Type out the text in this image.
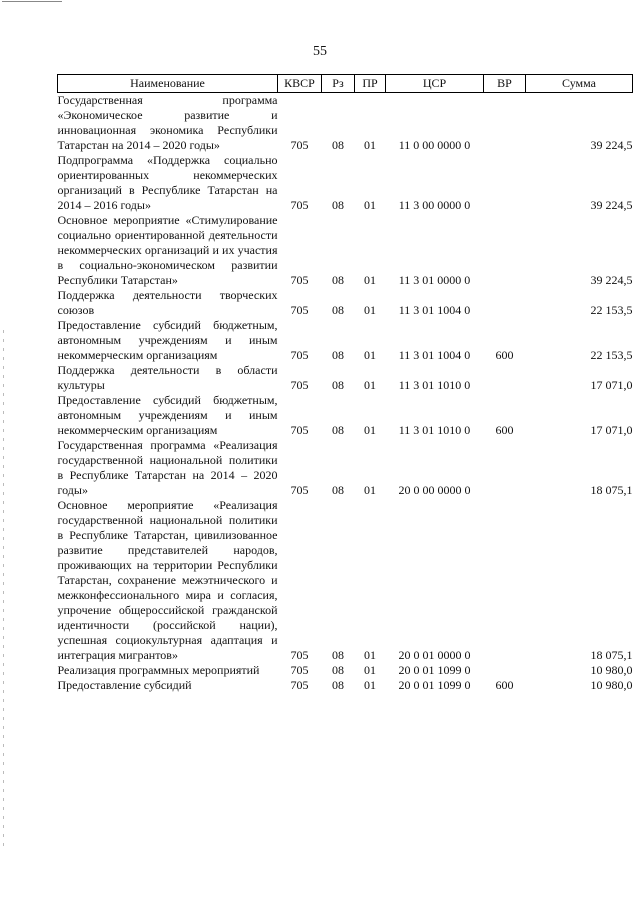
55
Наименование	КВСР	Рз	ПР	ЦСР	ВР	Сумма
Государственная программа «Экономическое развитие и инновационная экономика Республики Татарстан на 2014 – 2020 годы»	705	08	01	11 0 00 0000 0		39 224,5
Подпрограмма «Поддержка социально ориентированных некоммерческих организаций в Республике Татарстан на 2014 – 2016 годы»	705	08	01	11 3 00 0000 0		39 224,5
Основное мероприятие «Стимулирование социально ориентированной деятельности некоммерческих организаций и их участия в социально-экономическом развитии Республики Татарстан»	705	08	01	11 3 01 0000 0		39 224,5
Поддержка деятельности творческих союзов	705	08	01	11 3 01 1004 0		22 153,5
Предоставление субсидий бюджетным, автономным учреждениям и иным некоммерческим организациям	705	08	01	11 3 01 1004 0	600	22 153,5
Поддержка деятельности в области культуры	705	08	01	11 3 01 1010 0		17 071,0
Предоставление субсидий бюджетным, автономным учреждениям и иным некоммерческим организациям	705	08	01	11 3 01 1010 0	600	17 071,0
Государственная программа «Реализация государственной национальной политики в Республике Татарстан на 2014 – 2020 годы»	705	08	01	20 0 00 0000 0		18 075,1
Основное мероприятие «Реализация государственной национальной политики в Республике Татарстан, цивилизованное развитие представителей народов, проживающих на территории Республики Татарстан, сохранение межэтнического и межконфессионального мира и согласия, упрочение общероссийской гражданской идентичности (российской нации), успешная социокультурная адаптация и интеграция мигрантов»	705	08	01	20 0 01 0000 0		18 075,1
Реализация программных мероприятий	705	08	01	20 0 01 1099 0		10 980,0
Предоставление субсидий	705	08	01	20 0 01 1099 0	600	10 980,0
